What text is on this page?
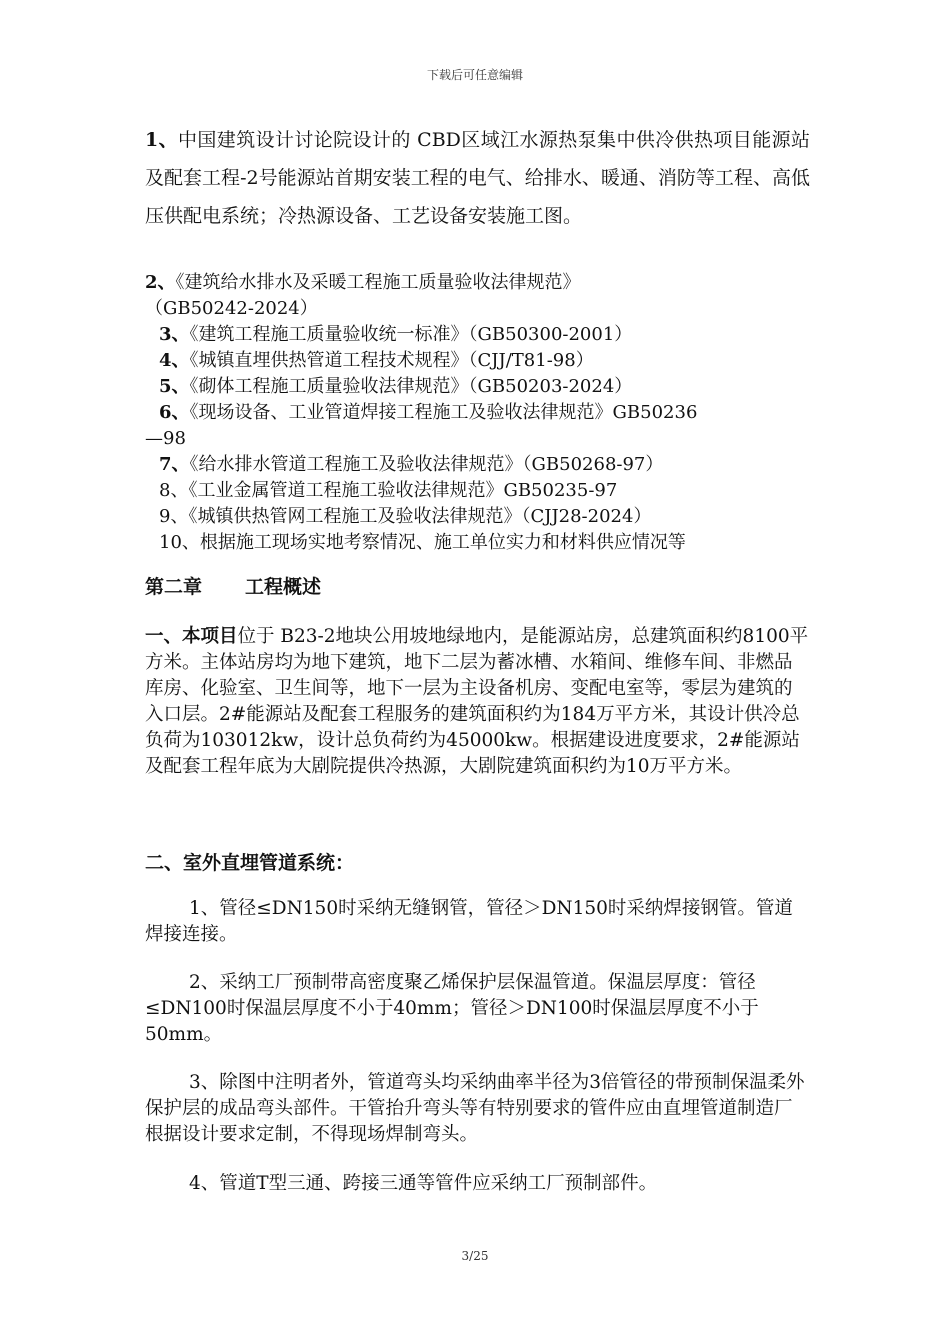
下载后可任意编辑
1、中国建筑设计讨论院设计的 CBD区域江水源热泵集中供冷供热项目能源站及配套工程-2号能源站首期安装工程的电气、给排水、暖通、消防等工程、高低压供配电系统；冷热源设备、工艺设备安装施工图。
2、《建筑给水排水及采暖工程施工质量验收法律规范》
（GB50242-2024）
3、《建筑工程施工质量验收统一标准》（GB50300-2001）
4、《城镇直埋供热管道工程技术规程》（CJJ/T81-98）
5、《砌体工程施工质量验收法律规范》（GB50203-2024）
6、《现场设备、工业管道焊接工程施工及验收法律规范》GB50236
—98
7、《给水排水管道工程施工及验收法律规范》（GB50268-97）
8、《工业金属管道工程施工验收法律规范》GB50235-97
9、《城镇供热管网工程施工及验收法律规范》（CJJ28-2024）
10、根据施工现场实地考察情况、施工单位实力和材料供应情况等
第二章 工程概述
一、本项目位于 B23-2地块公用坡地绿地内，是能源站房，总建筑面积约8100平方米。主体站房均为地下建筑，地下二层为蓄冰槽、水箱间、维修车间、非燃品库房、化验室、卫生间等，地下一层为主设备机房、变配电室等，零层为建筑的入口层。2#能源站及配套工程服务的建筑面积约为184万平方米，其设计供冷总负荷为103012kw，设计总负荷约为45000kw。根据建设进度要求，2#能源站及配套工程年底为大剧院提供冷热源，大剧院建筑面积约为10万平方米。
二、室外直埋管道系统：
1、管径≤DN150时采纳无缝钢管，管径＞DN150时采纳焊接钢管。管道焊接连接。
2、采纳工厂预制带高密度聚乙烯保护层保温管道。保温层厚度：管径≤DN100时保温层厚度不小于40mm；管径＞DN100时保温层厚度不小于50mm。
3、除图中注明者外，管道弯头均采纳曲率半径为3倍管径的带预制保温柔外保护层的成品弯头部件。干管抬升弯头等有特别要求的管件应由直埋管道制造厂根据设计要求定制，不得现场焊制弯头。
4、管道T型三通、跨接三通等管件应采纳工厂预制部件。
3/25
